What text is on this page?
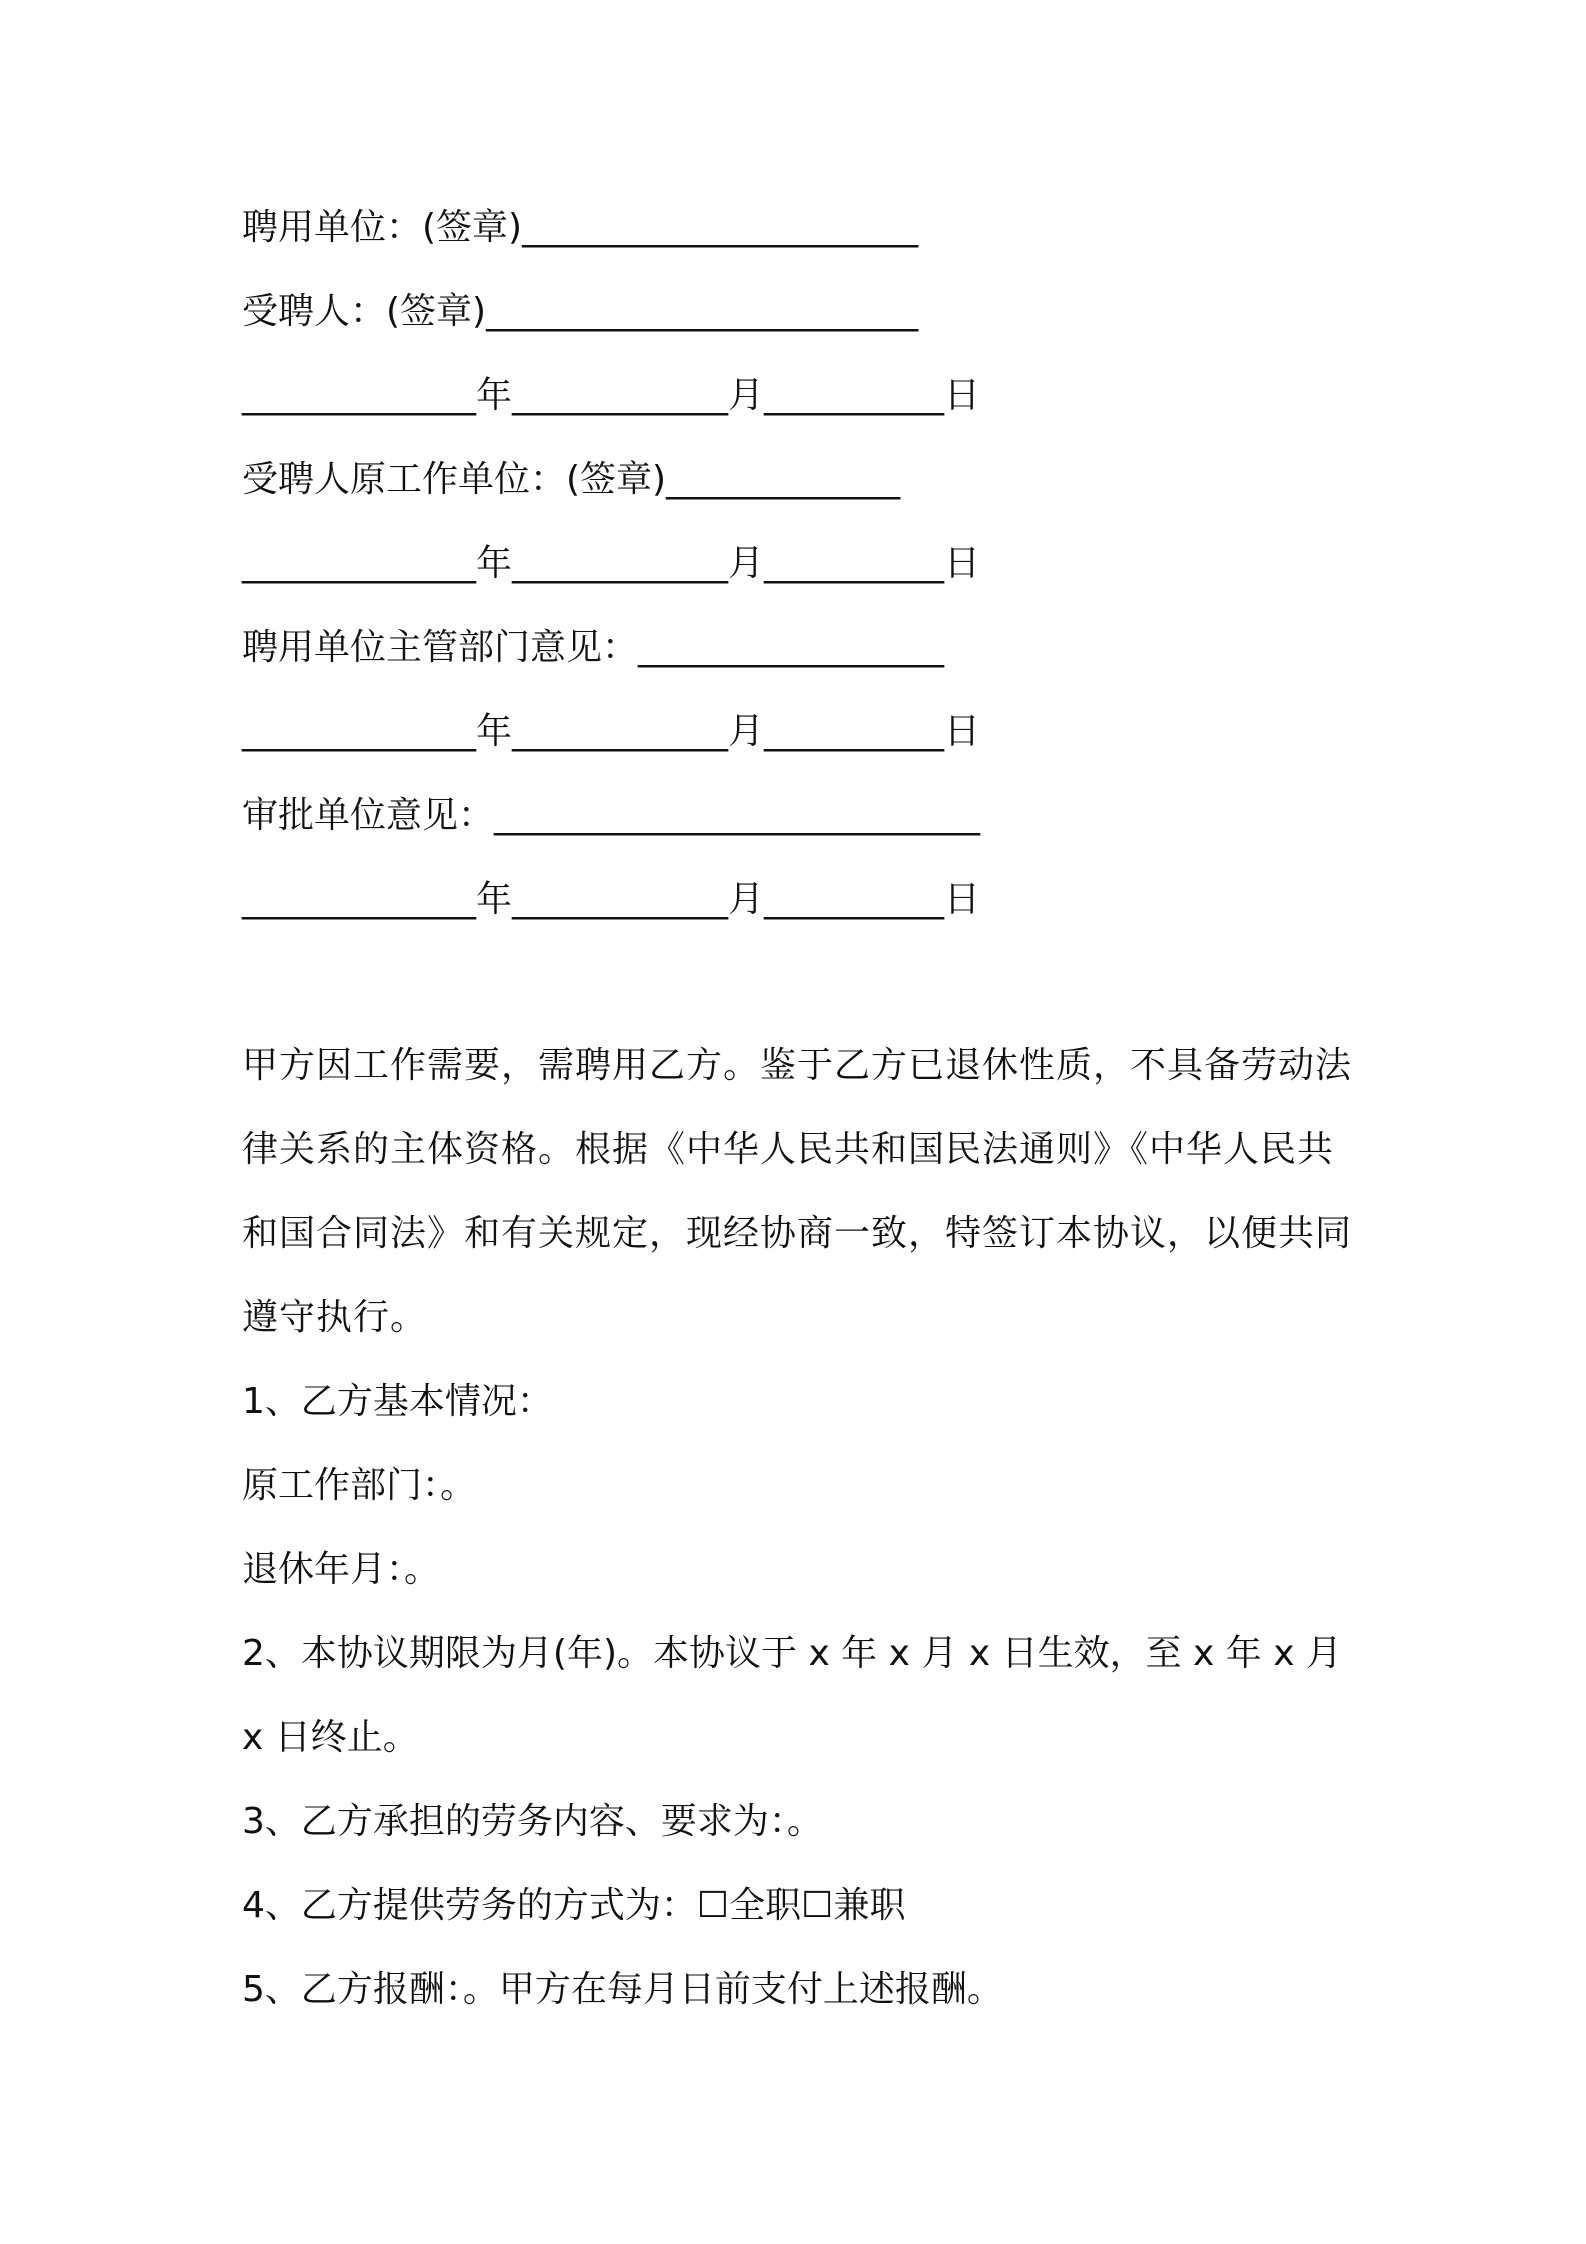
聘用单位：(签章)______________________
受聘人：(签章)________________________
_____________年____________月__________日
受聘人原工作单位：(签章)_____________
_____________年____________月__________日
聘用单位主管部门意见：_________________
_____________年____________月__________日
审批单位意见：___________________________
_____________年____________月__________日
甲方因工作需要，需聘用乙方。鉴于乙方已退休性质，不具备劳动法
律关系的主体资格。根据《中华人民共和国民法通则》《中华人民共
和国合同法》和有关规定，现经协商一致，特签订本协议，以便共同
遵守执行。
1、乙方基本情况：
原工作部门：。
退休年月：。
2、本协议期限为月(年)。本协议于 x 年 x 月 x 日生效，至 x 年 x 月
x 日终止。
3、乙方承担的劳务内容、要求为：。
4、乙方提供劳务的方式为：☐全职☐兼职
5、乙方报酬：。甲方在每月日前支付上述报酬。
